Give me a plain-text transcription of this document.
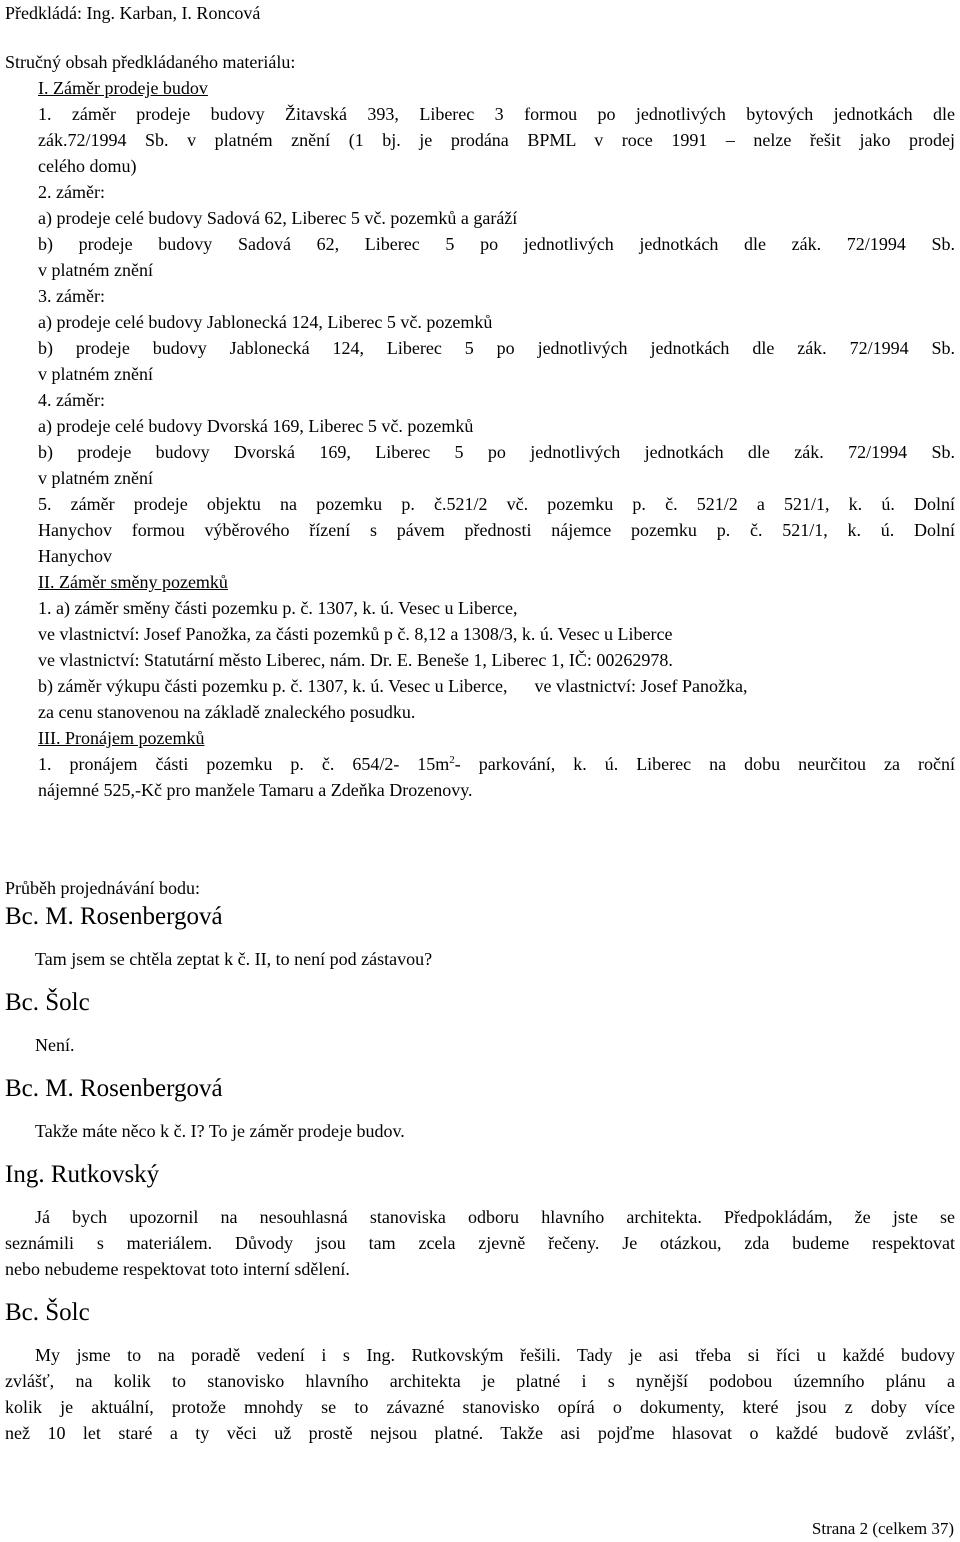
Předkládá: Ing. Karban, I. Roncová
Stručný obsah předkládaného materiálu:
I. Záměr prodeje budov
1. záměr prodeje budovy Žitavská 393, Liberec 3 formou po jednotlivých bytových jednotkách dle
zák.72/1994 Sb. v platném znění (1 bj. je prodána BPML v roce 1991 – nelze řešit jako prodej
celého domu)
2. záměr:
a) prodeje celé budovy Sadová 62, Liberec 5 vč. pozemků a garáží
b) prodeje budovy Sadová 62, Liberec 5 po jednotlivých jednotkách dle zák. 72/1994 Sb.
v platném znění
3. záměr:
a) prodeje celé budovy Jablonecká 124, Liberec 5 vč. pozemků
b) prodeje budovy Jablonecká 124, Liberec 5 po jednotlivých jednotkách dle zák. 72/1994 Sb.
v platném znění
4. záměr:
a) prodeje celé budovy Dvorská 169, Liberec 5 vč. pozemků
b) prodeje budovy Dvorská 169, Liberec 5 po jednotlivých jednotkách dle zák. 72/1994 Sb.
v platném znění
5. záměr prodeje objektu na pozemku p. č.521/2 vč. pozemku p. č. 521/2 a 521/1, k. ú. Dolní
Hanychov formou výběrového řízení s pávem přednosti nájemce pozemku p. č. 521/1, k. ú. Dolní
Hanychov
II. Záměr směny pozemků
1. a) záměr směny části pozemku p. č. 1307, k. ú. Vesec u Liberce,
ve vlastnictví: Josef Panožka, za části pozemků p č. 8,12 a 1308/3, k. ú. Vesec u Liberce
ve vlastnictví: Statutární město Liberec, nám. Dr. E. Beneše 1, Liberec 1, IČ: 00262978.
b) záměr výkupu části pozemku p. č. 1307, k. ú. Vesec u Liberce,      ve vlastnictví: Josef Panožka,
za cenu stanovenou na základě znaleckého posudku.
III. Pronájem pozemků
1. pronájem části pozemku p. č. 654/2- $15m^2-$ parkování, k. ú. Liberec na dobu neurčitou za roční
nájemné 525,-Kč pro manžele Tamaru a Zdeňka Drozenovy.
Průběh projednávání bodu:
Bc. M. Rosenbergová
Tam jsem se chtěla zeptat k č. II, to není pod zástavou?
Bc. Šolc
Není.
Bc. M. Rosenbergová
Takže máte něco k č. I? To je záměr prodeje budov.
Ing. Rutkovský
Já bych upozornil na nesouhlasná stanoviska odboru hlavního architekta. Předpokládám, že jste se
seznámili s materiálem. Důvody jsou tam zcela zjevně řečeny. Je otázkou, zda budeme respektovat
nebo nebudeme respektovat toto interní sdělení.
Bc. Šolc
My jsme to na poradě vedení i s Ing. Rutkovským řešili. Tady je asi třeba si říci u každé budovy
zvlášť, na kolik to stanovisko hlavního architekta je platné i s nynější podobou územního plánu a
kolik je aktuální, protože mnohdy se to závazné stanovisko opírá o dokumenty, které jsou z doby více
než 10 let staré a ty věci už prostě nejsou platné. Takže asi pojďme hlasovat o každé budově zvlášť,
Strana 2 (celkem 37)
